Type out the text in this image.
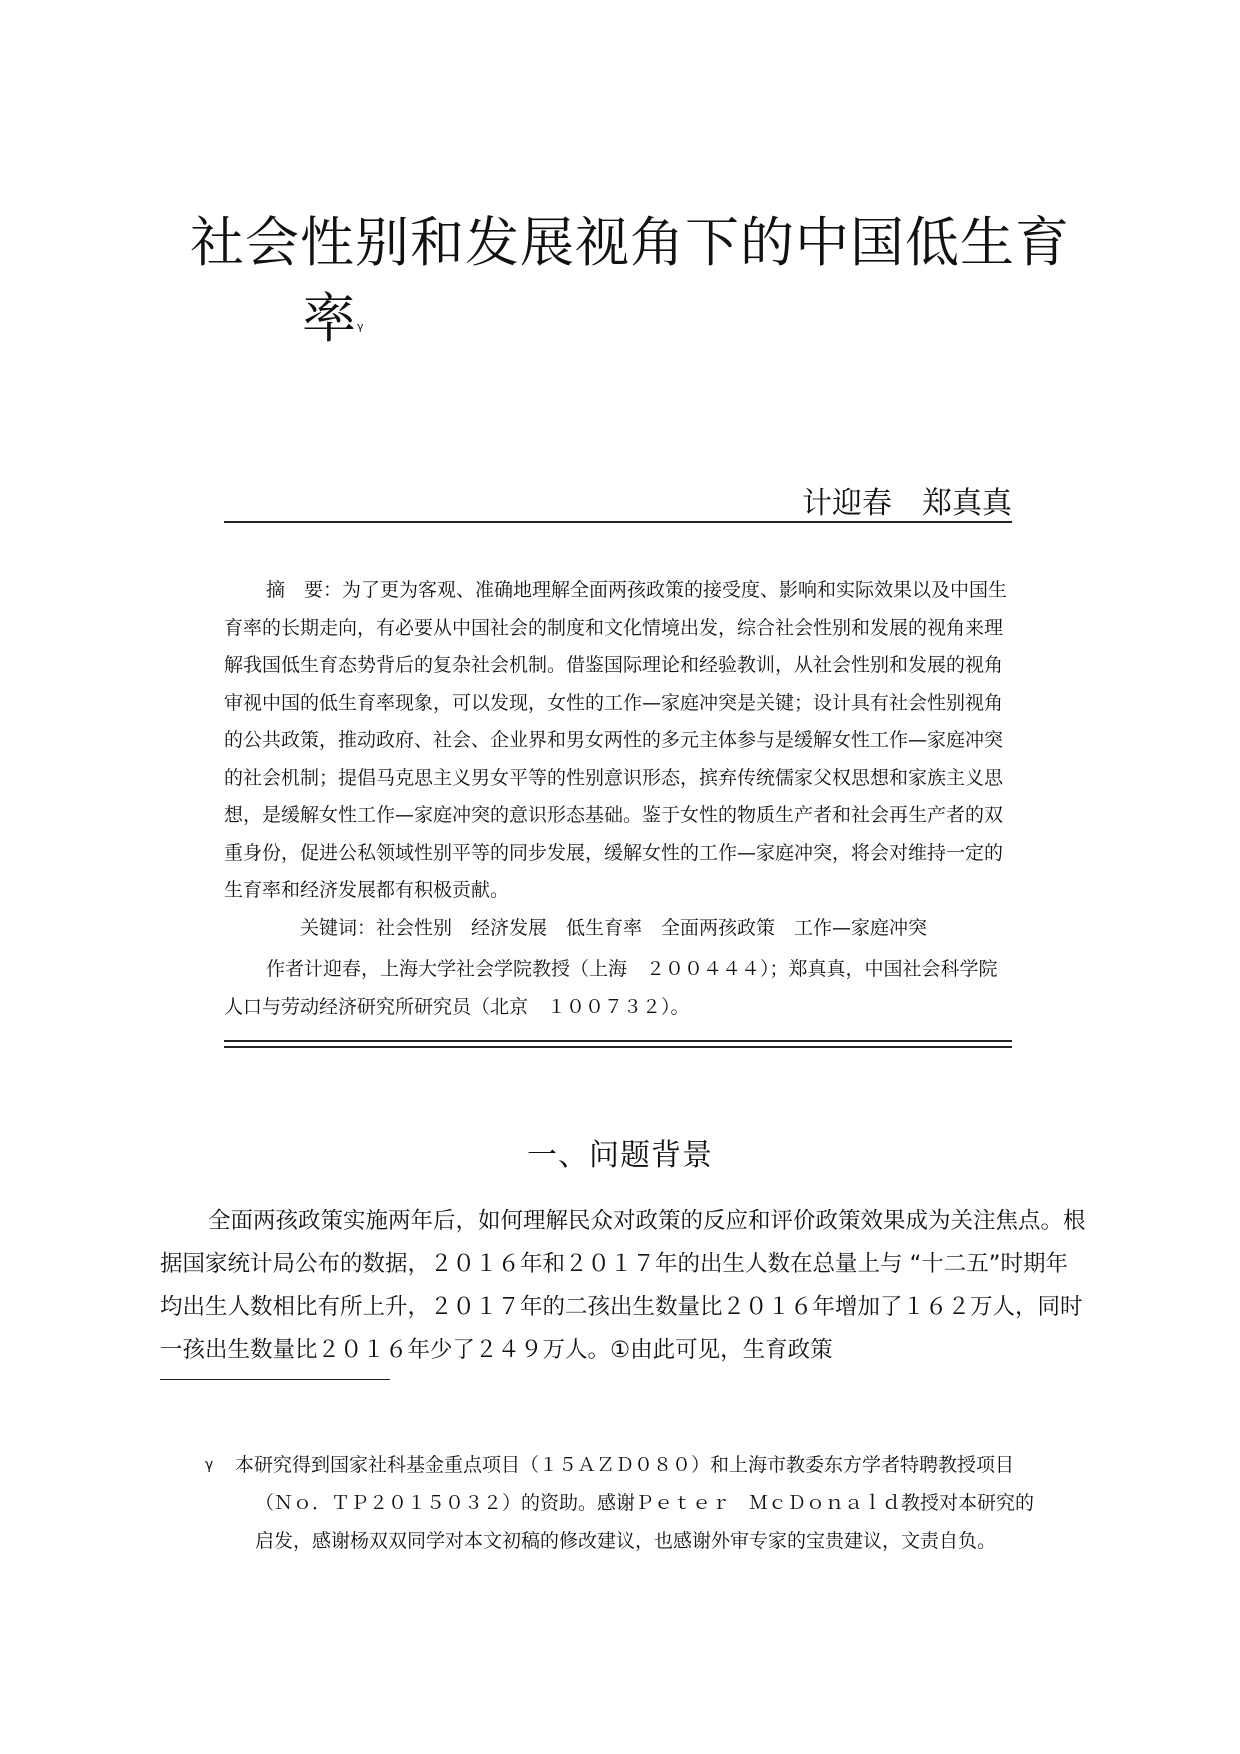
社会性别和发展视角下的中国低生育
率$^\gamma$
计迎春　郑真真

摘　要：为了更为客观、准确地理解全面两孩政策的接受度、影响和实际效果以及中国生育率的长期走向，有必要从中国社会的制度和文化情境出发，综合社会性别和发展的视角来理解我国低生育态势背后的复杂社会机制。借鉴国际理论和经验教训，从社会性别和发展的视角审视中国的低生育率现象，可以发现，女性的工作—家庭冲突是关键；设计具有社会性别视角的公共政策，推动政府、社会、企业界和男女两性的多元主体参与是缓解女性工作—家庭冲突的社会机制；提倡马克思主义男女平等的性别意识形态，摈弃传统儒家父权思想和家族主义思想，是缓解女性工作—家庭冲突的意识形态基础。鉴于女性的物质生产者和社会再生产者的双重身份，促进公私领域性别平等的同步发展，缓解女性的工作—家庭冲突，将会对维持一定的生育率和经济发展都有积极贡献。

关键词：社会性别　经济发展　低生育率　全面两孩政策　工作—家庭冲突

作者计迎春，上海大学社会学院教授（上海　２００４４４）；郑真真，中国社会科学院人口与劳动经济研究所研究员（北京　１００７３２）。

一、问题背景

全面两孩政策实施两年后，如何理解民众对政策的反应和评价政策效果成为关注焦点。根据国家统计局公布的数据，２０１６年和２０１７年的出生人数在总量上与 “十二五”时期年均出生人数相比有所上升，２０１７年的二孩出生数量比２０１６年增加了１６２万人，同时一孩出生数量比２０１６年少了２４９万人。①由此可见，生育政策

γ	本研究得到国家社科基金重点项目（１５ＡＺＤ０８０）和上海市教委东方学者特聘教授项目

（Ｎｏ．ＴＰ２０１５０３２）的资助。感谢Ｐｅｔｅｒ　ＭｃＤｏｎａｌｄ教授对本研究的

启发，感谢杨双双同学对本文初稿的修改建议，也感谢外审专家的宝贵建议，文责自负。
